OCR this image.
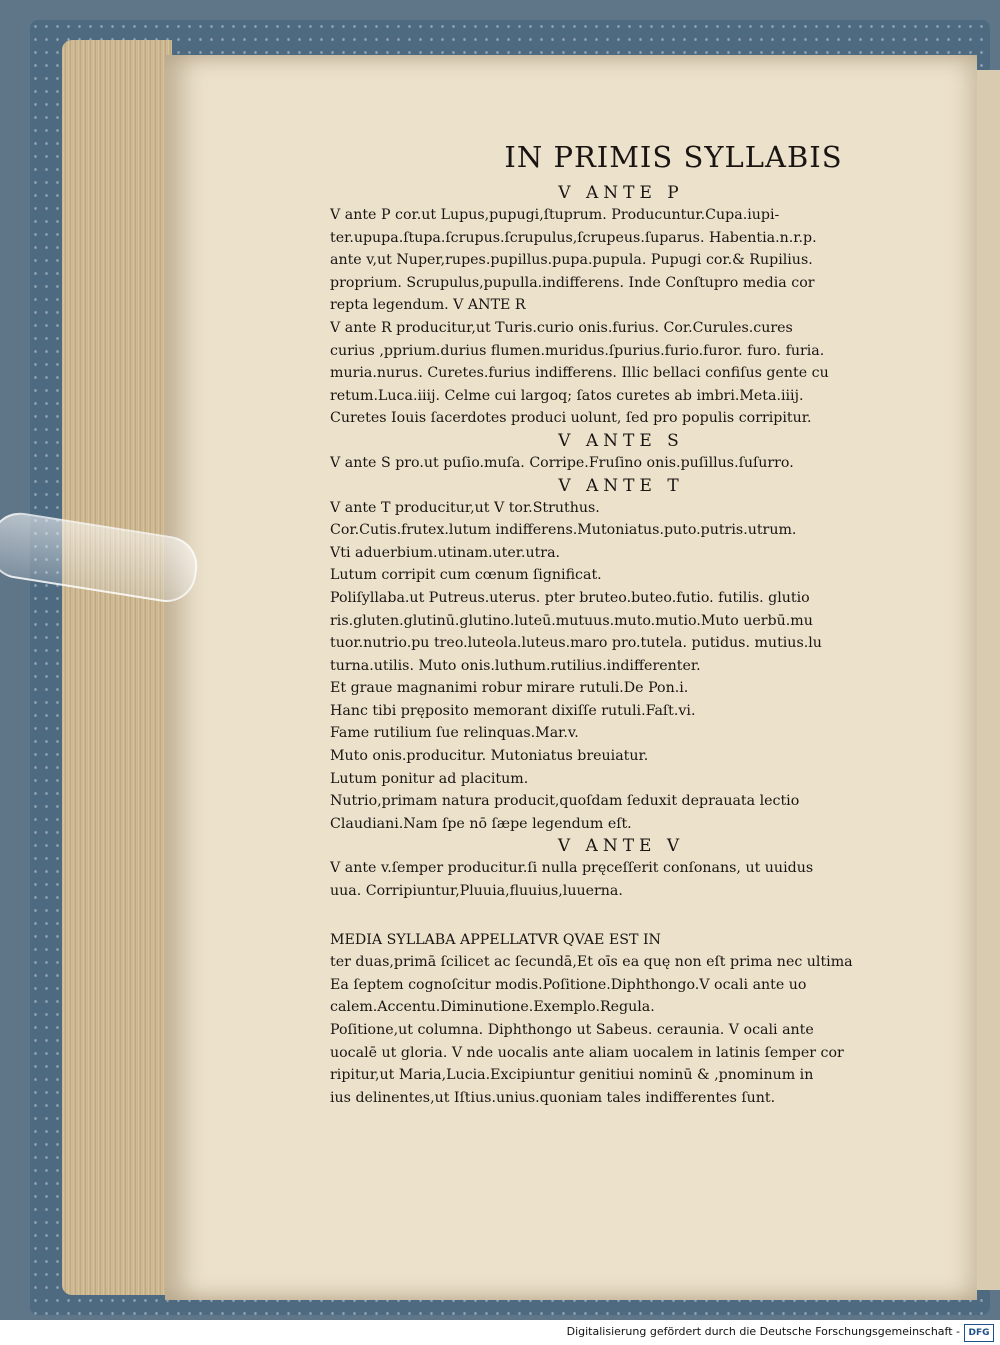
IN PRIMIS SYLLABIS
V ANTE P
V ante P cor.ut Lupus,pupugi,ſtuprum. Producuntur.Cupa.iupi-
ter.upupa.ſtupa.ſcrupus.ſcrupulus,ſcrupeus.ſuparus. Habentia.n.r.p.
ante v,ut Nuper,rupes.pupillus.pupa.pupula. Pupugi cor.& Rupilius.
proprium. Scrupulus,pupulla.indifferens. Inde Conſtupro media cor
repta legendum. V ANTE R
V ante R producitur,ut Turis.curio onis.furius. Cor.Curules.cures
curius ,pprium.durius flumen.muridus.ſpurius.furio.furor. furo. furia.
muria.nurus. Curetes.furius indifferens. Illic bellaci confiſus gente cu
retum.Luca.iiij. Celme cui largoq; ſatos curetes ab imbri.Meta.iiij.
Curetes Iouis ſacerdotes produci uolunt, ſed pro populis corripitur.
V ANTE S
V ante S pro.ut puſio.muſa. Corripe.Fruſino onis.puſillus.ſuſurro.
V ANTE T
V ante T producitur,ut V tor.Struthus.
Cor.Cutis.frutex.lutum indifferens.Mutoniatus.puto.putris.utrum.
Vti aduerbium.utinam.uter.utra.
Lutum corripit cum cœnum ſignificat.
Poliſyllaba.ut Putreus.uterus. pter bruteo.buteo.futio. futilis. glutio
ris.gluten.glutinū.glutino.luteū.mutuus.muto.mutio.Muto uerbū.mu
tuor.nutrio.pu treo.luteola.luteus.maro pro.tutela. putidus. mutius.lu
turna.utilis. Muto onis.luthum.rutilius.indifferenter.
Et graue magnanimi robur mirare rutuli.De Pon.i.
Hanc tibi pręposito memorant dixiſſe rutuli.Faſt.vi.
Fame rutilium ſue relinquas.Mar.v.
Muto onis.producitur. Mutoniatus breuiatur.
Lutum ponitur ad placitum.
Nutrio,primam natura producit,quoſdam ſeduxit deprauata lectio
Claudiani.Nam ſpe nō ſæpe legendum eſt.
V ANTE V
V ante v.ſemper producitur.ſi nulla pręceſſerit conſonans, ut uuidus
uua. Corripiuntur,Pluuia,fluuius,luuerna.
MEDIA SYLLABA APPELLATVR QVAE EST IN
ter duas,primā ſcilicet ac ſecundā,Et oīs ea quę non eſt prima nec ultima
Ea ſeptem cognoſcitur modis.Poſitione.Diphthongo.V ocali ante uo
calem.Accentu.Diminutione.Exemplo.Regula.
Poſitione,ut columna. Diphthongo ut Sabeus. ceraunia. V ocali ante
uocalē ut gloria. V nde uocalis ante aliam uocalem in latinis ſemper cor
ripitur,ut Maria,Lucia.Excipiuntur genitiui nominū & ,pnominum in
ius delinentes,ut Iſtius.unius.quoniam tales indifferentes ſunt.
Digitalisierung gefördert durch die Deutsche Forschungsgemeinschaft - DFG
